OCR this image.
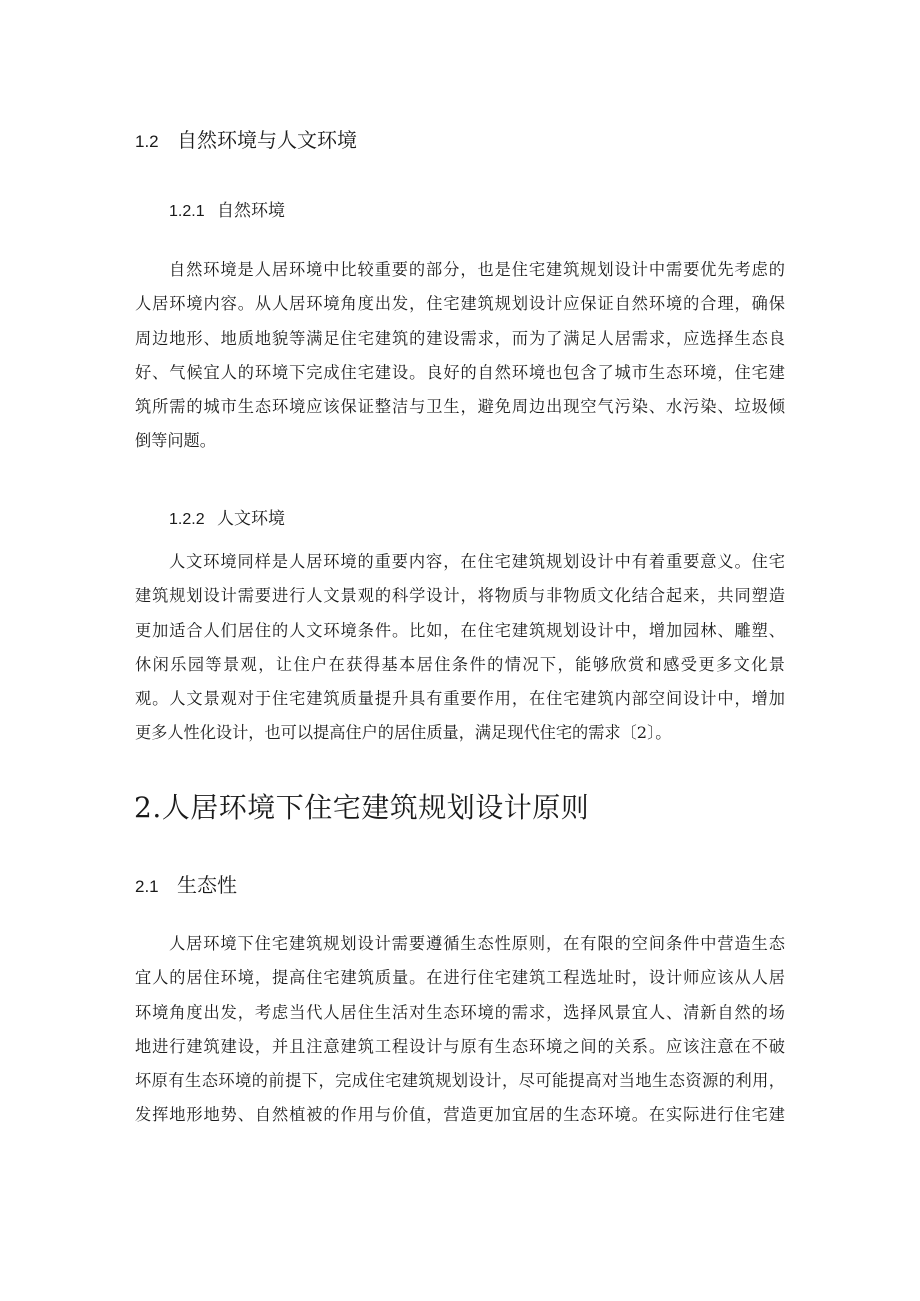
1.2 自然环境与人文环境
1.2.1 自然环境
自然环境是人居环境中比较重要的部分，也是住宅建筑规划设计中需要优先考虑的
人居环境内容。从人居环境角度出发，住宅建筑规划设计应保证自然环境的合理，确保
周边地形、地质地貌等满足住宅建筑的建设需求，而为了满足人居需求，应选择生态良
好、气候宜人的环境下完成住宅建设。良好的自然环境也包含了城市生态环境，住宅建
筑所需的城市生态环境应该保证整洁与卫生，避免周边出现空气污染、水污染、垃圾倾
倒等问题。
1.2.2 人文环境
人文环境同样是人居环境的重要内容，在住宅建筑规划设计中有着重要意义。住宅
建筑规划设计需要进行人文景观的科学设计，将物质与非物质文化结合起来，共同塑造
更加适合人们居住的人文环境条件。比如，在住宅建筑规划设计中，增加园林、雕塑、
休闲乐园等景观，让住户在获得基本居住条件的情况下，能够欣赏和感受更多文化景
观。人文景观对于住宅建筑质量提升具有重要作用，在住宅建筑内部空间设计中，增加
更多人性化设计，也可以提高住户的居住质量，满足现代住宅的需求〔2〕。
2.人居环境下住宅建筑规划设计原则
2.1 生态性
人居环境下住宅建筑规划设计需要遵循生态性原则，在有限的空间条件中营造生态
宜人的居住环境，提高住宅建筑质量。在进行住宅建筑工程选址时，设计师应该从人居
环境角度出发，考虑当代人居住生活对生态环境的需求，选择风景宜人、清新自然的场
地进行建筑建设，并且注意建筑工程设计与原有生态环境之间的关系。应该注意在不破
坏原有生态环境的前提下，完成住宅建筑规划设计，尽可能提高对当地生态资源的利用，
发挥地形地势、自然植被的作用与价值，营造更加宜居的生态环境。在实际进行住宅建
